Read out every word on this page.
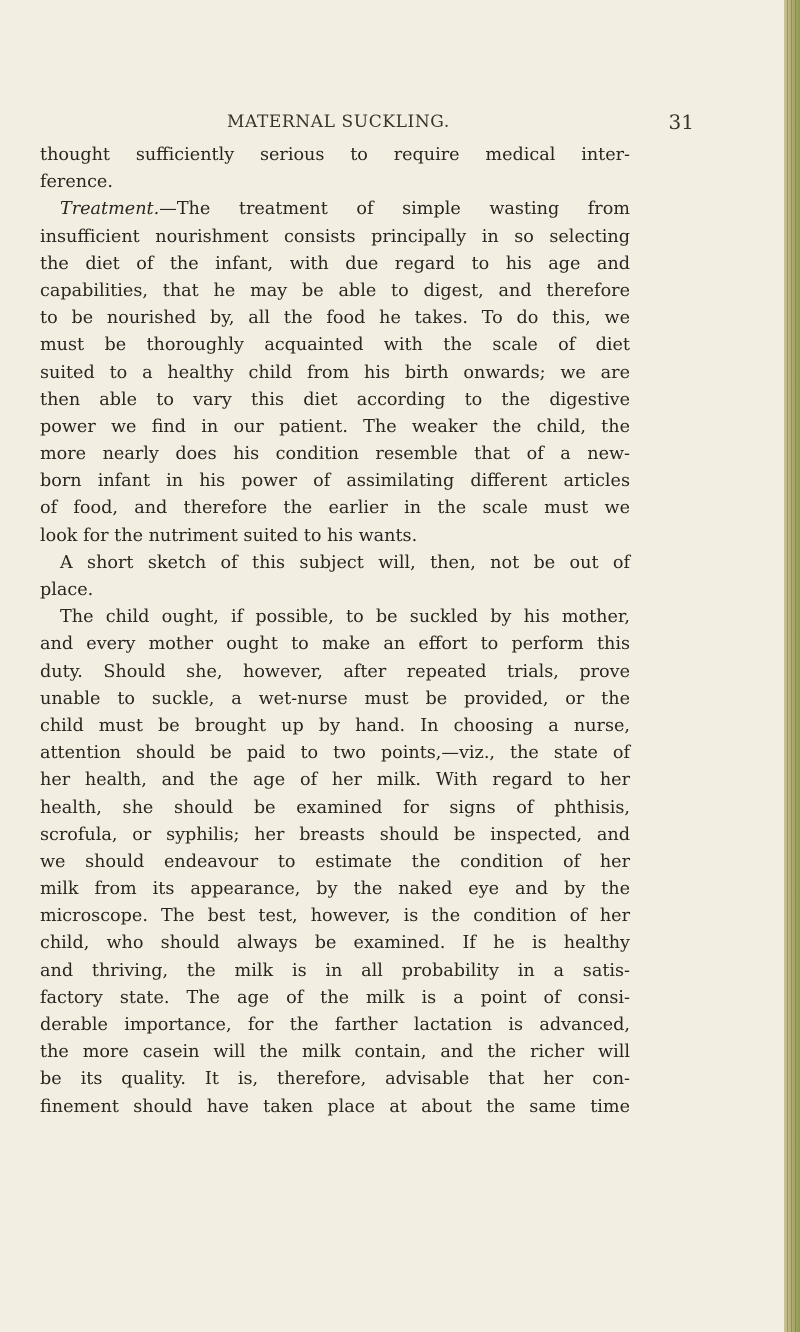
MATERNAL SUCKLING.	31
thought sufficiently serious to require medical inter-
ference.
Treatment.—The treatment of simple wasting from
insufficient nourishment consists principally in so selecting
the diet of the infant, with due regard to his age and
capabilities, that he may be able to digest, and therefore
to be nourished by, all the food he takes. To do this, we
must be thoroughly acquainted with the scale of diet
suited to a healthy child from his birth onwards; we are
then able to vary this diet according to the digestive
power we find in our patient. The weaker the child, the
more nearly does his condition resemble that of a new-
born infant in his power of assimilating different articles
of food, and therefore the earlier in the scale must we
look for the nutriment suited to his wants.
A short sketch of this subject will, then, not be out of
place.
The child ought, if possible, to be suckled by his mother,
and every mother ought to make an effort to perform this
duty. Should she, however, after repeated trials, prove
unable to suckle, a wet-nurse must be provided, or the
child must be brought up by hand. In choosing a nurse,
attention should be paid to two points,—viz., the state of
her health, and the age of her milk. With regard to her
health, she should be examined for signs of phthisis,
scrofula, or syphilis; her breasts should be inspected, and
we should endeavour to estimate the condition of her
milk from its appearance, by the naked eye and by the
microscope. The best test, however, is the condition of her
child, who should always be examined. If he is healthy
and thriving, the milk is in all probability in a satis-
factory state. The age of the milk is a point of consi-
derable importance, for the farther lactation is advanced,
the more casein will the milk contain, and the richer will
be its quality. It is, therefore, advisable that her con-
finement should have taken place at about the same time
